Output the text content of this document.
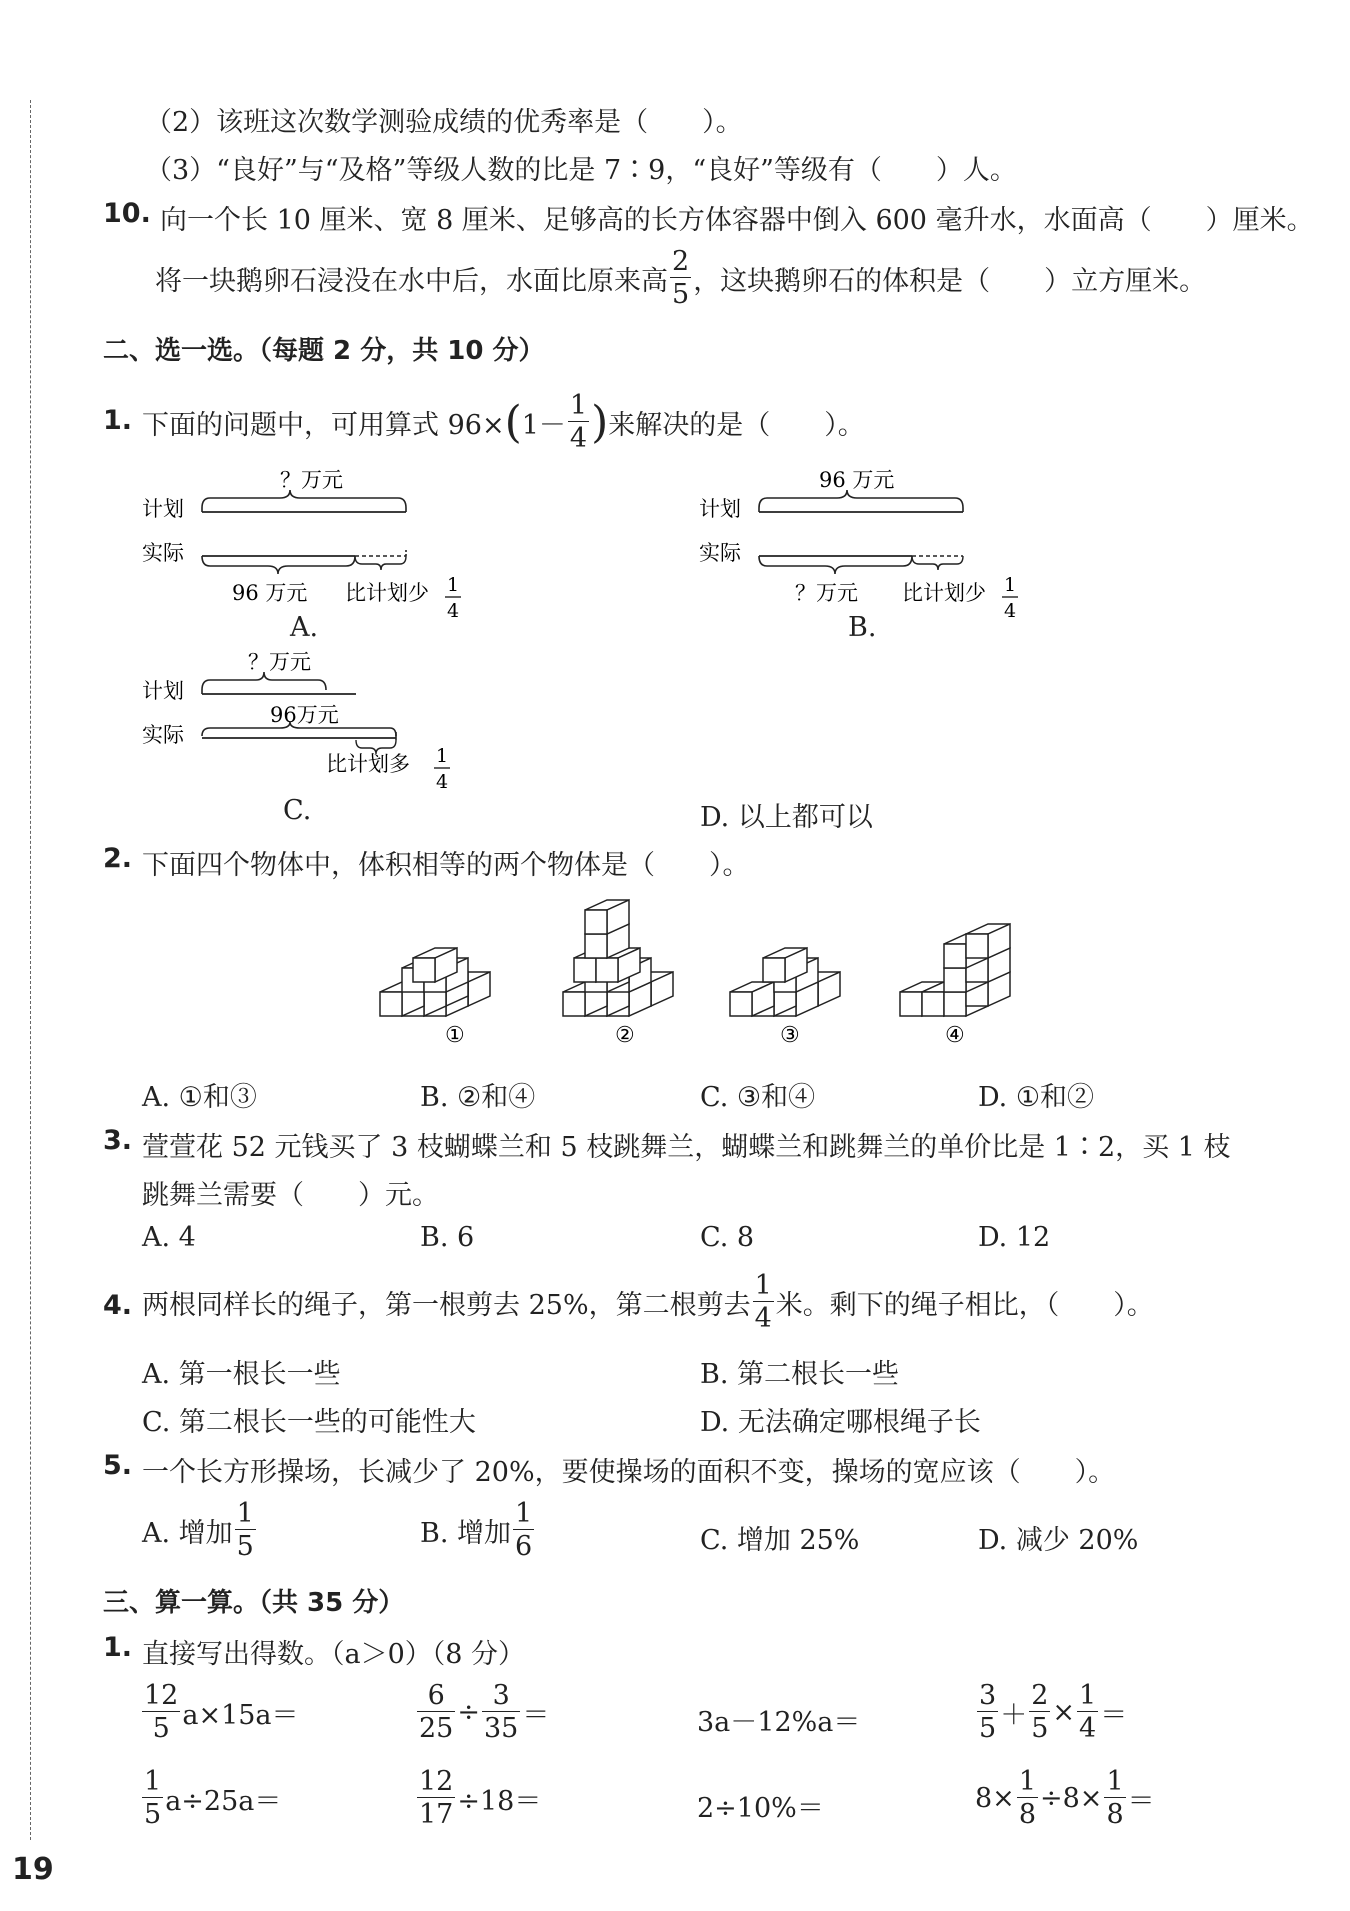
（2）该班这次数学测验成绩的优秀率是（　　）。
（3）“良好”与“及格”等级人数的比是 7∶9，“良好”等级有（　　）人。
10. 向一个长 10 厘米、宽 8 厘米、足够高的长方体容器中倒入 600 毫升水，水面高（　　）厘米。
将一块鹅卵石浸没在水中后，水面比原来高 $\frac{2}{5}$ ，这块鹅卵石的体积是（　　）立方厘米。
二、选一选。（每题 2 分，共 10 分）
1. 下面的问题中，可用算式 $96\times(1- \frac{1}{4}$ )来解决的是（　　）。
？万元
计划
实际
96 万元 比计划少 1
4
A.
96 万元
计划
实际
？万元 比计划少 1
4
B.
？万元
计划
96万元
实际
比计划多 1
4
C.	D. 以上都可以
2. 下面四个物体中，体积相等的两个物体是（　　）。
①	②	③	④
A. ①和③	B. ②和④	C. ③和④	D. ①和②
3. 萱萱花 52 元钱买了 3 枝蝴蝶兰和 5 枝跳舞兰，蝴蝶兰和跳舞兰的单价比是 1∶2，买 1 枝
跳舞兰需要（　　）元。
A. 4	B. 6	C. 8	D. 12
4. 两根同样长的绳子，第一根剪去 25%，第二根剪去 $\frac{1}{4}$ 米。剩下的绳子相比，（　　）。
A. 第一根长一些	B. 第二根长一些
C. 第二根长一些的可能性大	D. 无法确定哪根绳子长
5. 一个长方形操场，长减少了 20%，要使操场的面积不变，操场的宽应该（　　）。
A. 增加 $\frac{1}{5}$	B. 增加 $\frac{1}{6}$	C. 增加 25%	D. 减少 20%
三、算一算。（共 35 分）
1. 直接写出得数。（a＞0）（8 分）
$\frac{12}{5} a\times 15a=$	$\frac{6}{25} \div \frac{3}{35}$ ＝	3a－12%a＝	$\frac{3}{5} + \frac{2}{5} \times \frac{1}{4}$ ＝
$\frac{1}{5} a\div 25a=$	$\frac{12}{17} \div 18=$	2÷10%＝	$8\times \frac{1}{8} \div 8\times \frac{1}{8}$ ＝
19
